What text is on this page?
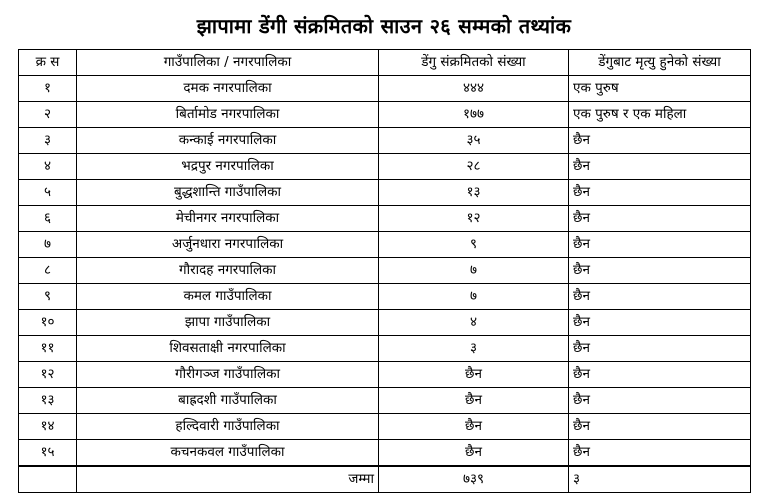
झापामा डेंगी संक्रमितको साउन २६ सम्मको तथ्यांक
क्र स	गाउँपालिका / नगरपालिका	डेंगु संक्रमितको संख्या	डेंगुबाट मृत्यु हुनेको संख्या
१	दमक नगरपालिका	४४४	एक पुरुष
२	बिर्तामोड नगरपालिका	१७७	एक पुरुष र एक महिला
३	कन्काई नगरपालिका	३५	छैन
४	भद्रपुर नगरपालिका	२८	छैन
५	बुद्धशान्ति गाउँपालिका	१३	छैन
६	मेचीनगर नगरपालिका	१२	छैन
७	अर्जुनधारा नगरपालिका	९	छैन
८	गौरादह नगरपालिका	७	छैन
९	कमल गाउँपालिका	७	छैन
१०	झापा गाउँपालिका	४	छैन
११	शिवसताक्षी नगरपालिका	३	छैन
१२	गौरीगञ्ज गाउँपालिका	छैन	छैन
१३	बाह्रदशी गाउँपालिका	छैन	छैन
१४	हल्दिवारी गाउँपालिका	छैन	छैन
१५	कचनकवल गाउँपालिका	छैन	छैन
	जम्मा	७३९	३
